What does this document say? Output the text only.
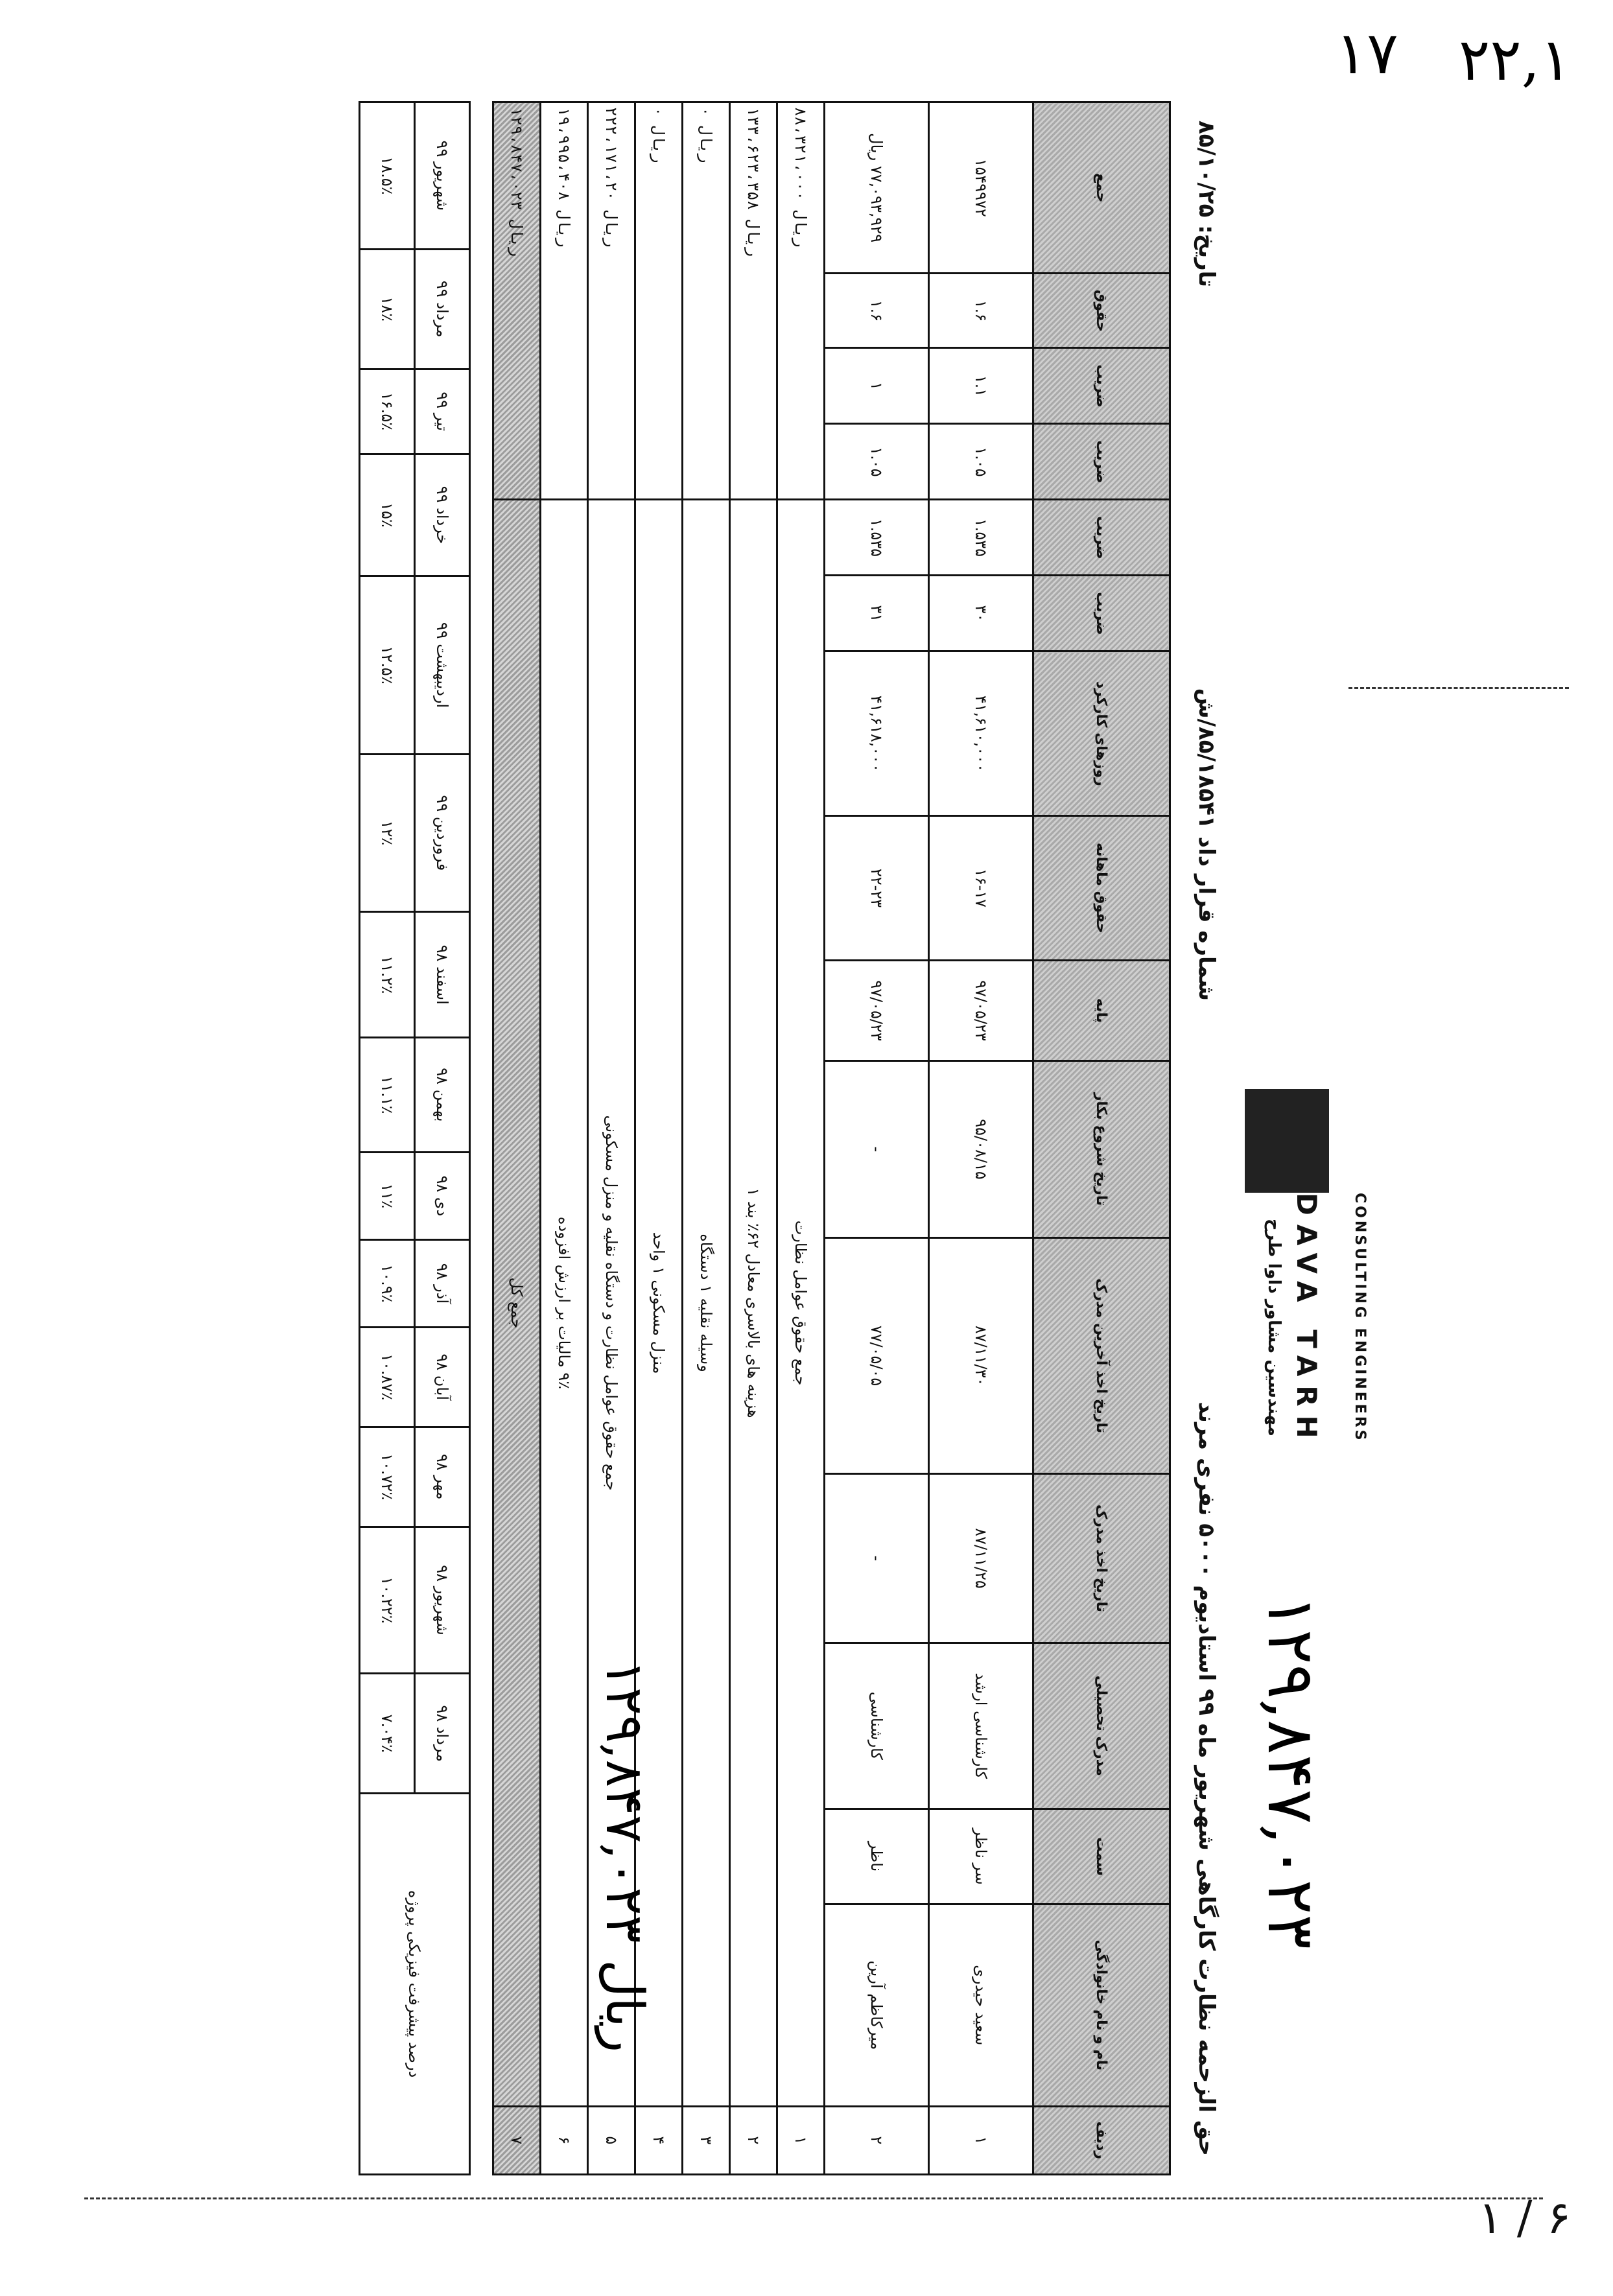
حق الزحمه نظارت کارگاهی شهریور ماه ۹۹ استادیوم ۵۰۰۰ نفری مرند
شماره قرار داد ۸۵/۱۸۵۴۱/ش
تاریخ: ۸۵/۱۰/۲۵
ردیف	نام و نام خانوادگی	سمت	مدرک تحصیلی	تاریخ اخذ مدرک	تاریخ اخذ آخرین مدرک	تاریخ شروع بکار	پایه	حقوق ماهانه	روزهای کارکرد	ضریب	ضریب	ضریب	ضریب	حقوق	جمع
۱	سعید حیدری	سر ناظر	کارشناسی ارشد	۸۷/۱۱/۲۵	۸۷/۱۱/۳۰	۹۵/۰۸/۱۵	۹۷/۰۵/۲۳	۱۶-۱۷	۴۱,۶۱۰,۰۰۰	۳۰	۱.۵۳۵	۱.۰۵	۱.۱	۱.۶	۱۵۴۹۹۷۲
۲	میرکاظم آرین	ناظر	کارشناسی	-	۷۷/۰۵/۰۵	-	۹۷/۰۵/۲۳	۲۲-۲۳	۴۱,۶۱۸,۰۰۰	۳۱	۱.۵۳۵	۱.۰۵	۱	۱.۶	۷۷,۰۹۳,۹۲۹ ریال
۱	جمع حقوق عوامل نظارت											ریال ۸۸،۳۲۱،۰۰۰			
۲	هزینه های بالاسری معادل ۶۲٪ بند ۱											ریال ۱۳۳،۶۲۳،۳۵۸			
۳	وسیله نقلیه ۱ دستگاه											ریال ۰			
۴	منزل مسکونی ۱ واحد											ریال ۰			
۵	جمع حقوق عوامل نظارت و دستگاه نقلیه و منزل مسکونی											ریال ۲۲۲،۱۷۱،۲۰			
۶	۹٪ مالیات بر ارزش افزوده											ریال ۱۹،۹۹۵،۴۰۸			
۷	جمع کل											ریال ۱۲۹،۸۴۷،۰۲۳			
درصد پیشرفت فیزیکی پروژه	مرداد ۹۸	شهریور ۹۸	مهر ۹۸	آبان ۹۸	آذر ۹۸	دی ۹۸	بهمن ۹۸	اسفند ۹۸	فروردین ۹۹	اردیبهشت ۹۹	خرداد ۹۹	تیر ۹۹	مرداد ۹۹	شهریور ۹۹
	۷.۰۴٪	۱۰.۲۲٪	۱۰.۷۲٪	۱۰.۸۷٪	۱۰.۹٪	۱۱٪	۱۱.۱٪	۱۱.۲٪	۱۲٪	۱۲.۵٪	۱۵٪	۱۶.۵٪	۱۸٪	۱۸.۵٪
۱۲۹,۸۴۷,۰۲۳ ریال
۱۲۹,۸۴۷,۰۲۳
۱۷ ۲۲,۱
۱ / ۶
DAVA TARH CONSULTING ENGINEERS
مهندسین مشاور داوا طرح
